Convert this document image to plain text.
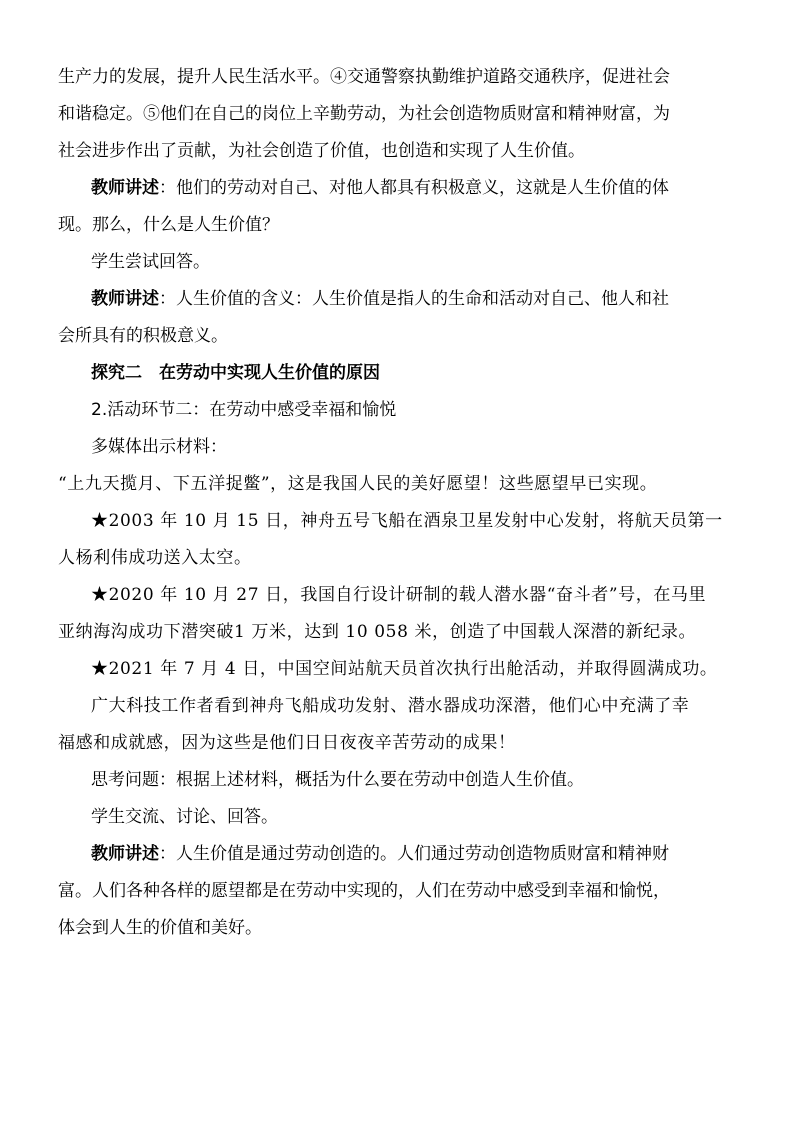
生产力的发展，提升人民生活水平。④交通警察执勤维护道路交通秩序，促进社会
和谐稳定。⑤他们在自己的岗位上辛勤劳动，为社会创造物质财富和精神财富，为
社会进步作出了贡献，为社会创造了价值，也创造和实现了人生价值。
教师讲述：他们的劳动对自己、对他人都具有积极意义，这就是人生价值的体
现。那么，什么是人生价值？
学生尝试回答。
教师讲述：人生价值的含义：人生价值是指人的生命和活动对自己、他人和社
会所具有的积极意义。
探究二　在劳动中实现人生价值的原因
2.活动环节二：在劳动中感受幸福和愉悦
多媒体出示材料：
“上九天揽月、下五洋捉鳖”，这是我国人民的美好愿望！这些愿望早已实现。
★2003 年 10 月 15 日，神舟五号飞船在酒泉卫星发射中心发射，将航天员第一
人杨利伟成功送入太空。
★2020 年 10 月 27 日，我国自行设计研制的载人潜水器“奋斗者”号，在马里
亚纳海沟成功下潜突破1 万米，达到 10 058 米，创造了中国载人深潜的新纪录。
★2021 年 7 月 4 日，中国空间站航天员首次执行出舱活动，并取得圆满成功。
广大科技工作者看到神舟飞船成功发射、潜水器成功深潜，他们心中充满了幸
福感和成就感，因为这些是他们日日夜夜辛苦劳动的成果！
思考问题：根据上述材料，概括为什么要在劳动中创造人生价值。
学生交流、讨论、回答。
教师讲述：人生价值是通过劳动创造的。人们通过劳动创造物质财富和精神财
富。人们各种各样的愿望都是在劳动中实现的，人们在劳动中感受到幸福和愉悦，
体会到人生的价值和美好。
